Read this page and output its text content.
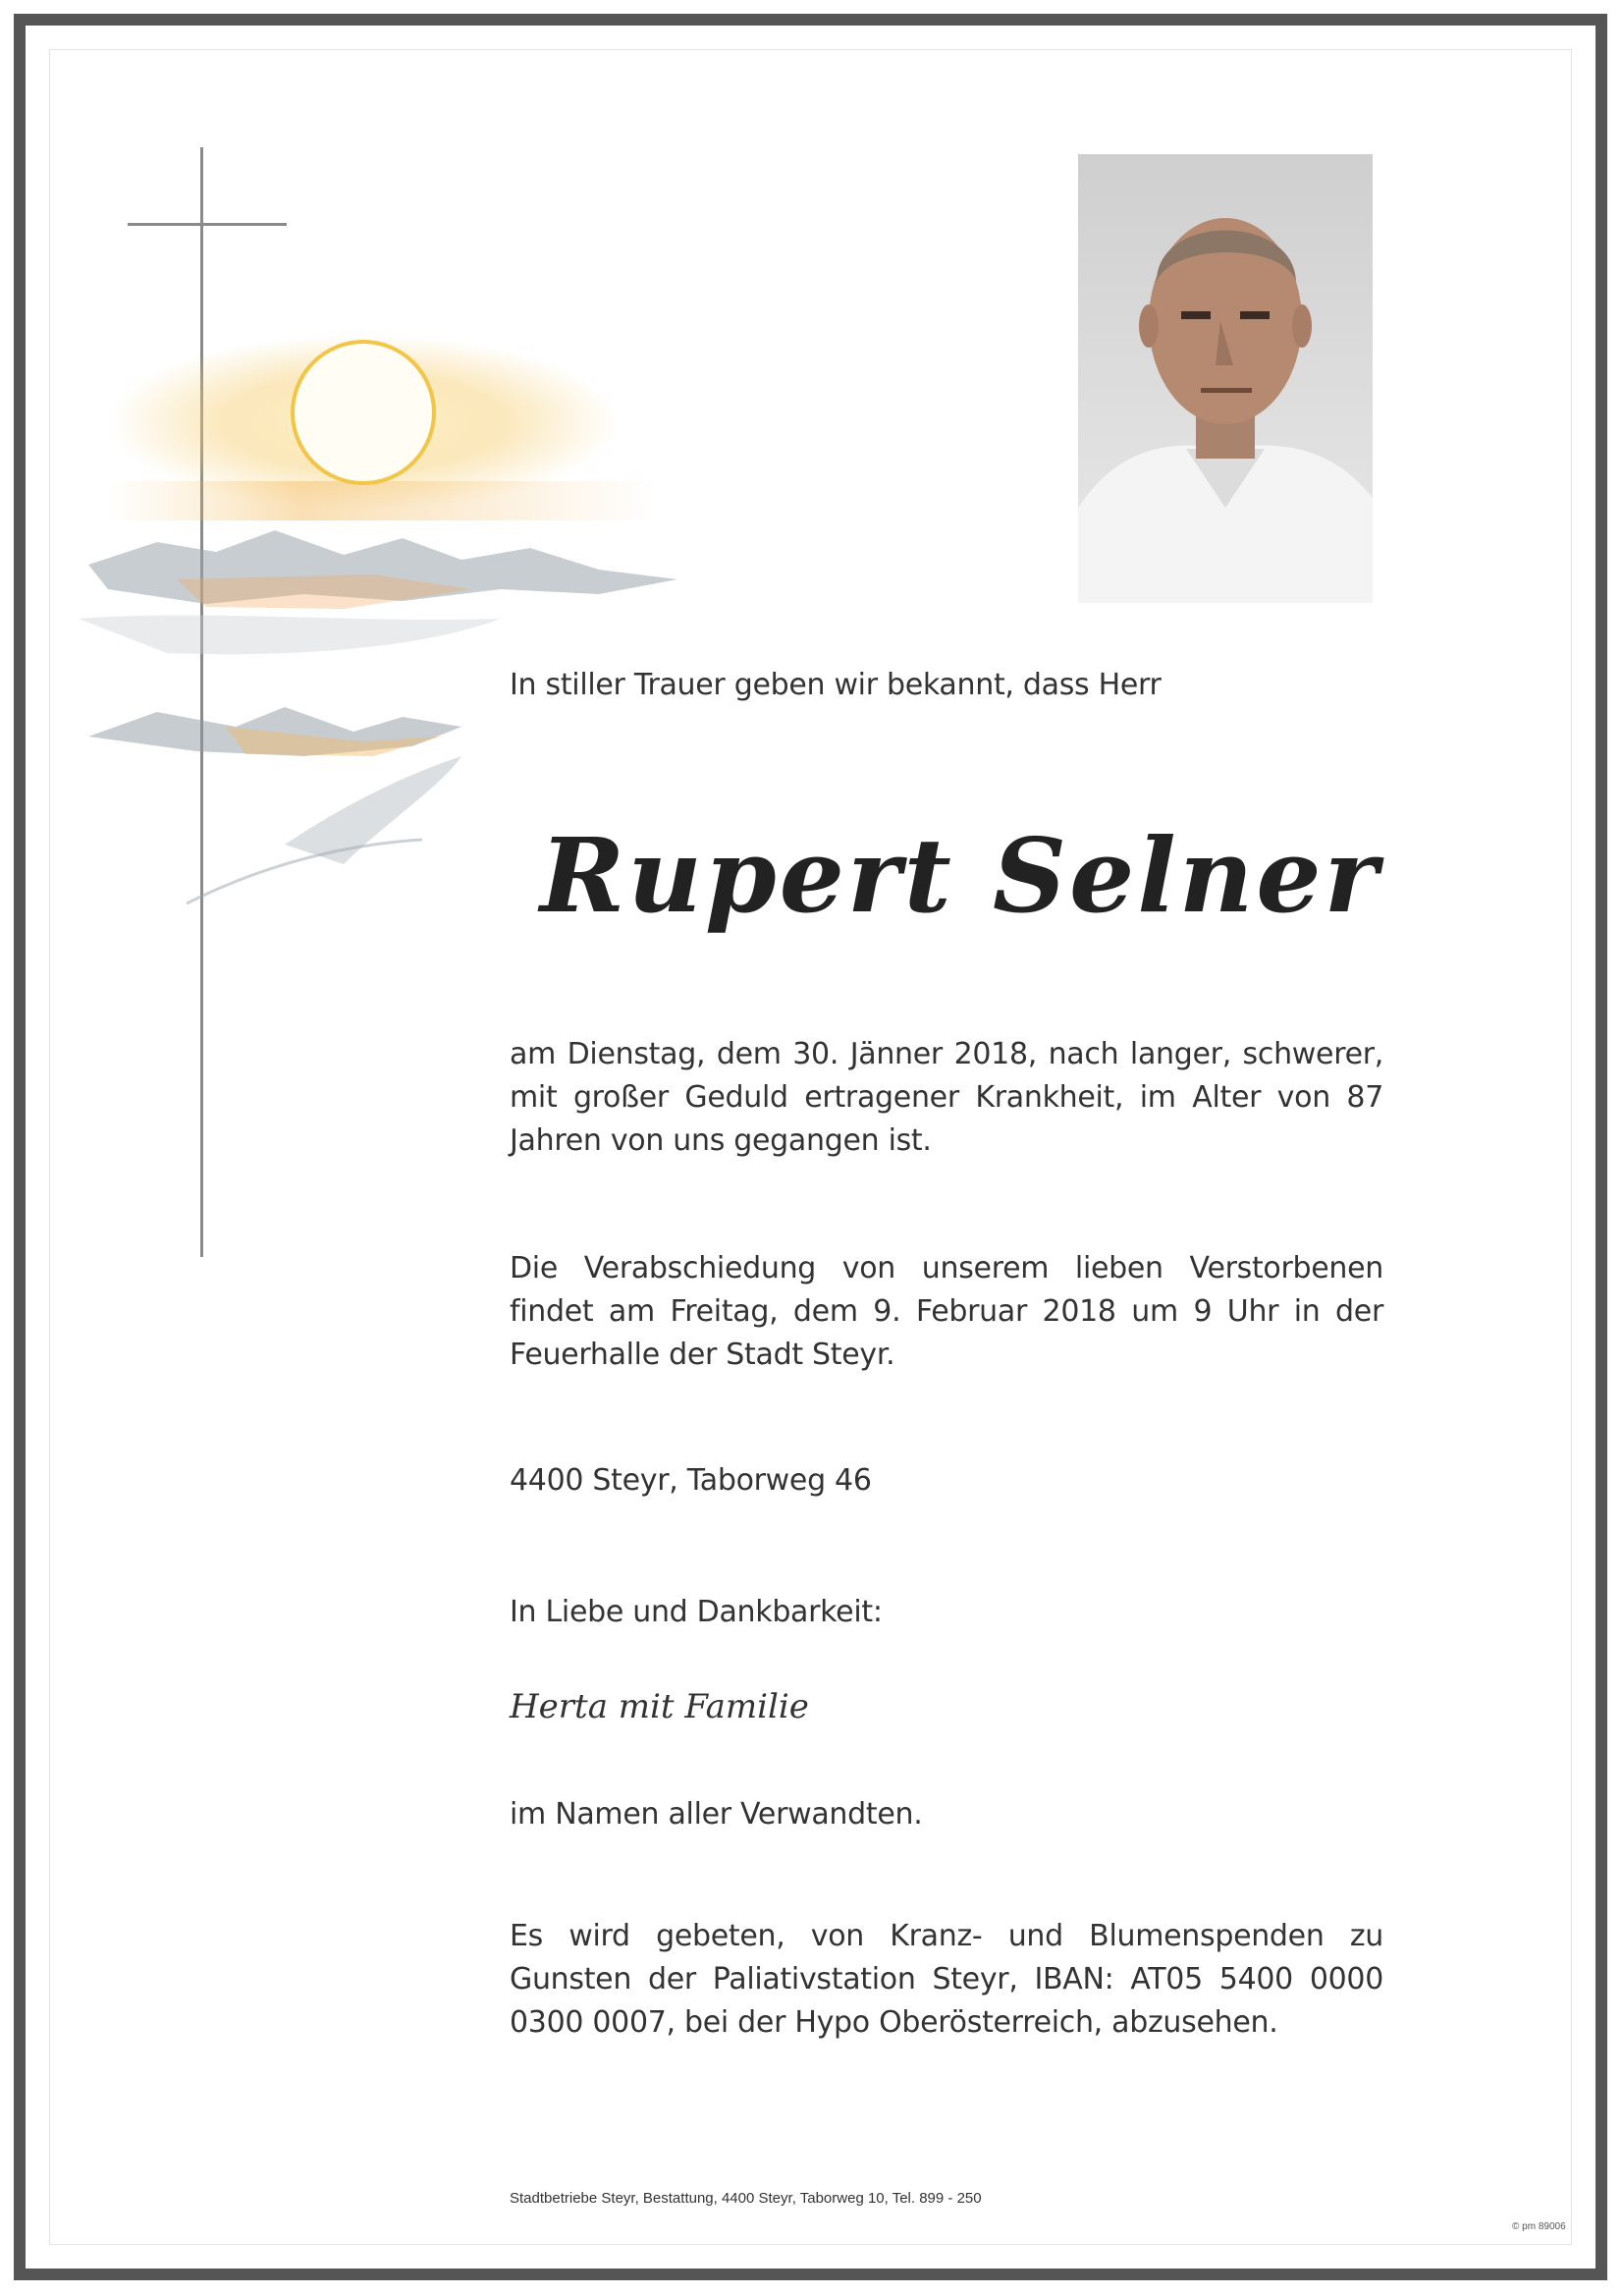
In stiller Trauer geben wir bekannt, dass Herr
Rupert Selner
am Dienstag, dem 30. Jänner 2018, nach langer, schwerer, mit großer Geduld ertragener Krankheit, im Alter von 87 Jahren von uns gegangen ist.
Die Verabschiedung von unserem lieben Verstorbenen findet am Freitag, dem 9. Februar 2018 um 9 Uhr in der Feuerhalle der Stadt Steyr.
4400 Steyr, Taborweg 46
In Liebe und Dankbarkeit:
Herta mit Familie
im Namen aller Verwandten.
Es wird gebeten, von Kranz- und Blumenspenden zu Gunsten der Paliativstation Steyr, IBAN: AT05 5400 0000 0300 0007, bei der Hypo Oberösterreich, abzusehen.
Stadtbetriebe Steyr, Bestattung, 4400 Steyr, Taborweg 10, Tel. 899 - 250
© pm 89006
